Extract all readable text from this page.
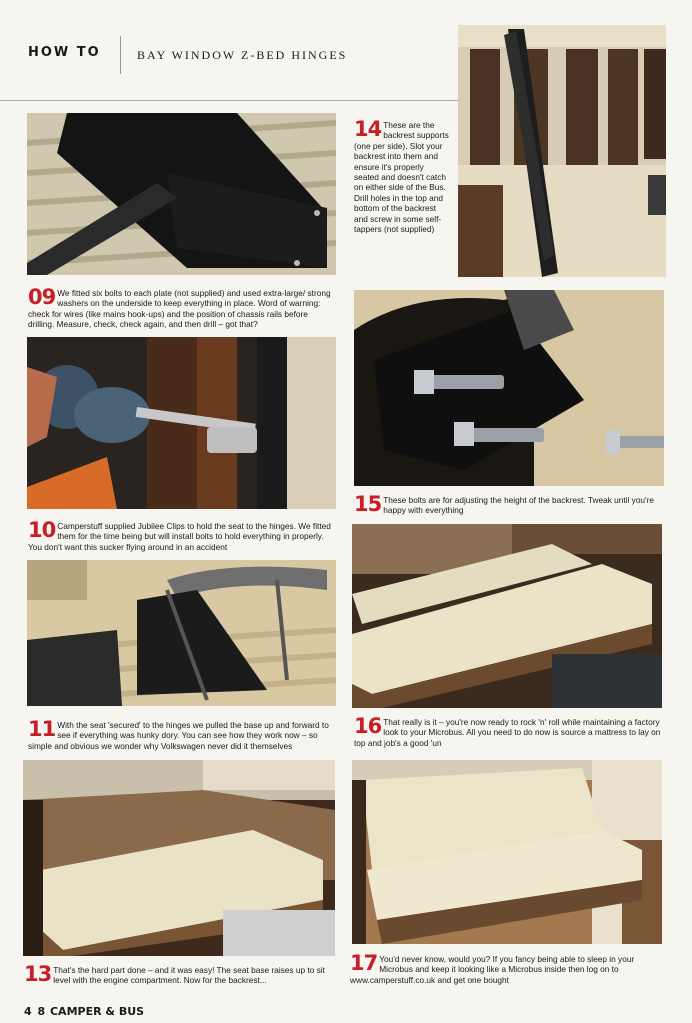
HOW TO	BAY WINDOW Z-BED HINGES
14 These are the backrest supports (one per side). Slot your backrest into them and ensure it's properly seated and doesn't catch on either side of the Bus. Drill holes in the top and bottom of the backrest and screw in some self-tappers (not supplied)
09 We fitted six bolts to each plate (not supplied) and used extra-large/ strong washers on the underside to keep everything in place. Word of warning: check for wires (like mains hook-ups) and the position of chassis rails before drilling. Measure, check, check again, and then drill – got that?
10 Camperstuff supplied Jubilee Clips to hold the seat to the hinges. We fitted them for the time being but will install bolts to hold everything in properly. You don't want this sucker flying around in an accident
11 With the seat 'secured' to the hinges we pulled the base up and forward to see if everything was hunky dory. You can see how they work now – so simple and obvious we wonder why Volkswagen never did it themselves
13 That's the hard part done – and it was easy! The seat base raises up to sit level with the engine compartment. Now for the backrest...
15 These bolts are for adjusting the height of the backrest. Tweak until you're happy with everything
16 That really is it – you're now ready to rock 'n' roll while maintaining a factory look to your Microbus. All you need to do now is source a mattress to lay on top and job's a good 'un
17 You'd never know, would you? If you fancy being able to sleep in your Microbus and keep it looking like a Microbus inside then log on to www.camperstuff.co.uk and get one bought
4 8 CAMPER & BUS
